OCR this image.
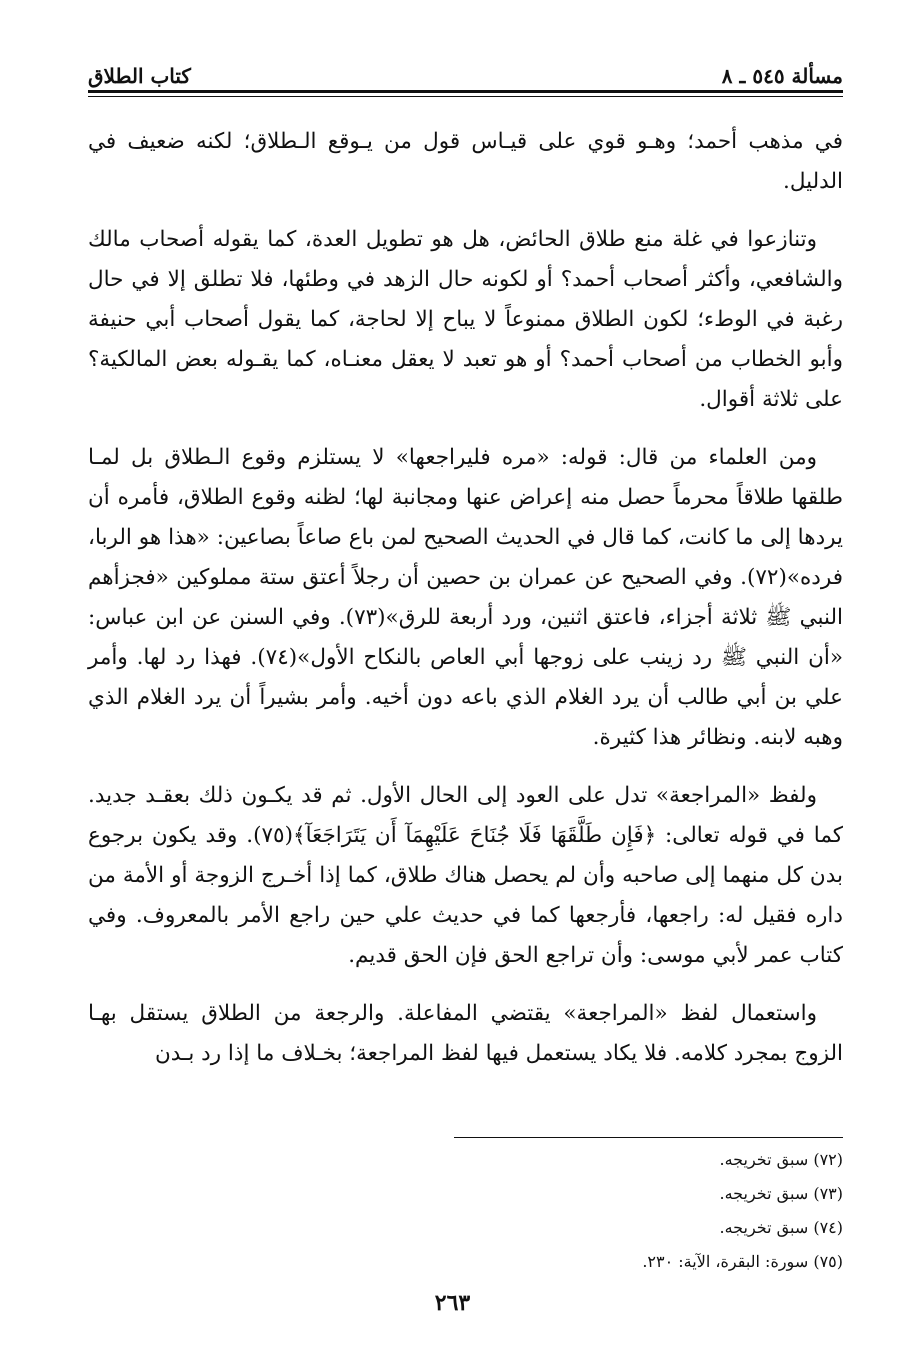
كتاب الطلاق	مسألة ٥٤٥ ـ ٨

في مذهب أحمد؛ وهـو قوي على قيـاس قول من يـوقع الـطلاق؛ لكنه ضعيف في الدليل.

وتنازعوا في غلة منع طلاق الحائض، هل هو تطويل العدة، كما يقوله أصحاب مالك والشافعي، وأكثر أصحاب أحمد؟ أو لكونه حال الزهد في وطئها، فلا تطلق إلا في حال رغبة في الوطء؛ لكون الطلاق ممنوعاً لا يباح إلا لحاجة، كما يقول أصحاب أبي حنيفة وأبو الخطاب من أصحاب أحمد؟ أو هو تعبد لا يعقل معنـاه، كما يقـوله بعض المالكية؟ على ثلاثة أقوال.

ومن العلماء من قال: قوله: «مره فليراجعها» لا يستلزم وقوع الـطلاق بل لمـا طلقها طلاقاً محرماً حصل منه إعراض عنها ومجانبة لها؛ لظنه وقوع الطلاق، فأمره أن يردها إلى ما كانت، كما قال في الحديث الصحيح لمن باع صاعاً بصاعين: «هذا هو الربا، فرده»(٧٢). وفي الصحيح عن عمران بن حصين أن رجلاً أعتق ستة مملوكين «فجزأهم النبي ﷺ ثلاثة أجزاء، فاعتق اثنين، ورد أربعة للرق»(٧٣). وفي السنن عن ابن عباس: «أن النبي ﷺ رد زينب على زوجها أبي العاص بالنكاح الأول»(٧٤). فهذا رد لها. وأمر علي بن أبي طالب أن يرد الغلام الذي باعه دون أخيه. وأمر بشيراً أن يرد الغلام الذي وهبه لابنه. ونظائر هذا كثيرة.

ولفظ «المراجعة» تدل على العود إلى الحال الأول. ثم قد يكـون ذلك بعقـد جديد. كما في قوله تعالى: ﴿فَإِن طَلَّقَهَا فَلَا جُنَاحَ عَلَيْهِمَآ أَن يَتَرَاجَعَآ﴾(٧٥). وقد يكون برجوع بدن كل منهما إلى صاحبه وأن لم يحصل هناك طلاق، كما إذا أخـرج الزوجة أو الأمة من داره فقيل له: راجعها، فأرجعها كما في حديث علي حين راجع الأمر بالمعروف. وفي كتاب عمر لأبي موسى: وأن تراجع الحق فإن الحق قديم.

واستعمال لفظ «المراجعة» يقتضي المفاعلة. والرجعة من الطلاق يستقل بهـا الزوج بمجرد كلامه. فلا يكاد يستعمل فيها لفظ المراجعة؛ بخـلاف ما إذا رد بـدن

(٧٢) سبق تخريجه.
(٧٣) سبق تخريجه.
(٧٤) سبق تخريجه.
(٧٥) سورة: البقرة، الآية: ٢٣٠.
٢٦٣
